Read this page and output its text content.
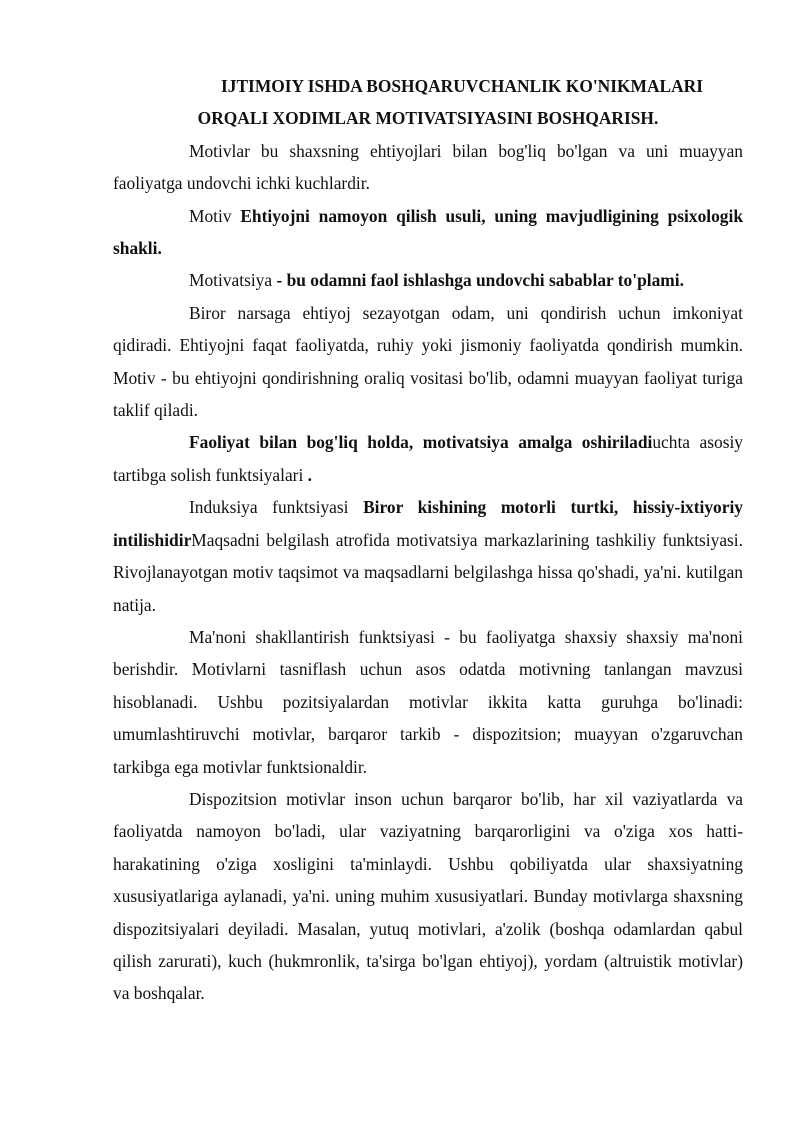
IJTIMOIY ISHDA BOSHQARUVCHANLIK KO'NIKMALARI
ORQALI XODIMLAR MOTIVATSIYASINI BOSHQARISH.

Motivlar bu shaxsning ehtiyojlari bilan bog'liq bo'lgan va uni muayyan faoliyatga undovchi ichki kuchlardir.

Motiv Ehtiyojni namoyon qilish usuli, uning mavjudligining psixologik shakli.

Motivatsiya - bu odamni faol ishlashga undovchi sabablar to'plami.

Biror narsaga ehtiyoj sezayotgan odam, uni qondirish uchun imkoniyat qidiradi. Ehtiyojni faqat faoliyatda, ruhiy yoki jismoniy faoliyatda qondirish mumkin. Motiv - bu ehtiyojni qondirishning oraliq vositasi bo'lib, odamni muayyan faoliyat turiga taklif qiladi.

Faoliyat bilan bog'liq holda, motivatsiya amalga oshiriladiuchta asosiy tartibga solish funktsiyalari .

Induksiya funktsiyasi Biror kishining motorli turtki, hissiy-ixtiyoriy intilishidirMaqsadni belgilash atrofida motivatsiya markazlarining tashkiliy funktsiyasi. Rivojlanayotgan motiv taqsimot va maqsadlarni belgilashga hissa qo'shadi, ya'ni. kutilgan natija.

Ma'noni shakllantirish funktsiyasi - bu faoliyatga shaxsiy shaxsiy ma'noni berishdir. Motivlarni tasniflash uchun asos odatda motivning tanlangan mavzusi hisoblanadi. Ushbu pozitsiyalardan motivlar ikkita katta guruhga bo'linadi: umumlashtiruvchi motivlar, barqaror tarkib - dispozitsion; muayyan o'zgaruvchan tarkibga ega motivlar funktsionaldir.

Dispozitsion motivlar inson uchun barqaror bo'lib, har xil vaziyatlarda va faoliyatda namoyon bo'ladi, ular vaziyatning barqarorligini va o'ziga xos hatti-harakatining o'ziga xosligini ta'minlaydi. Ushbu qobiliyatda ular shaxsiyatning xususiyatlariga aylanadi, ya'ni. uning muhim xususiyatlari. Bunday motivlarga shaxsning dispozitsiyalari deyiladi. Masalan, yutuq motivlari, a'zolik (boshqa odamlardan qabul qilish zarurati), kuch (hukmronlik, ta'sirga bo'lgan ehtiyoj), yordam (altruistik motivlar) va boshqalar.
